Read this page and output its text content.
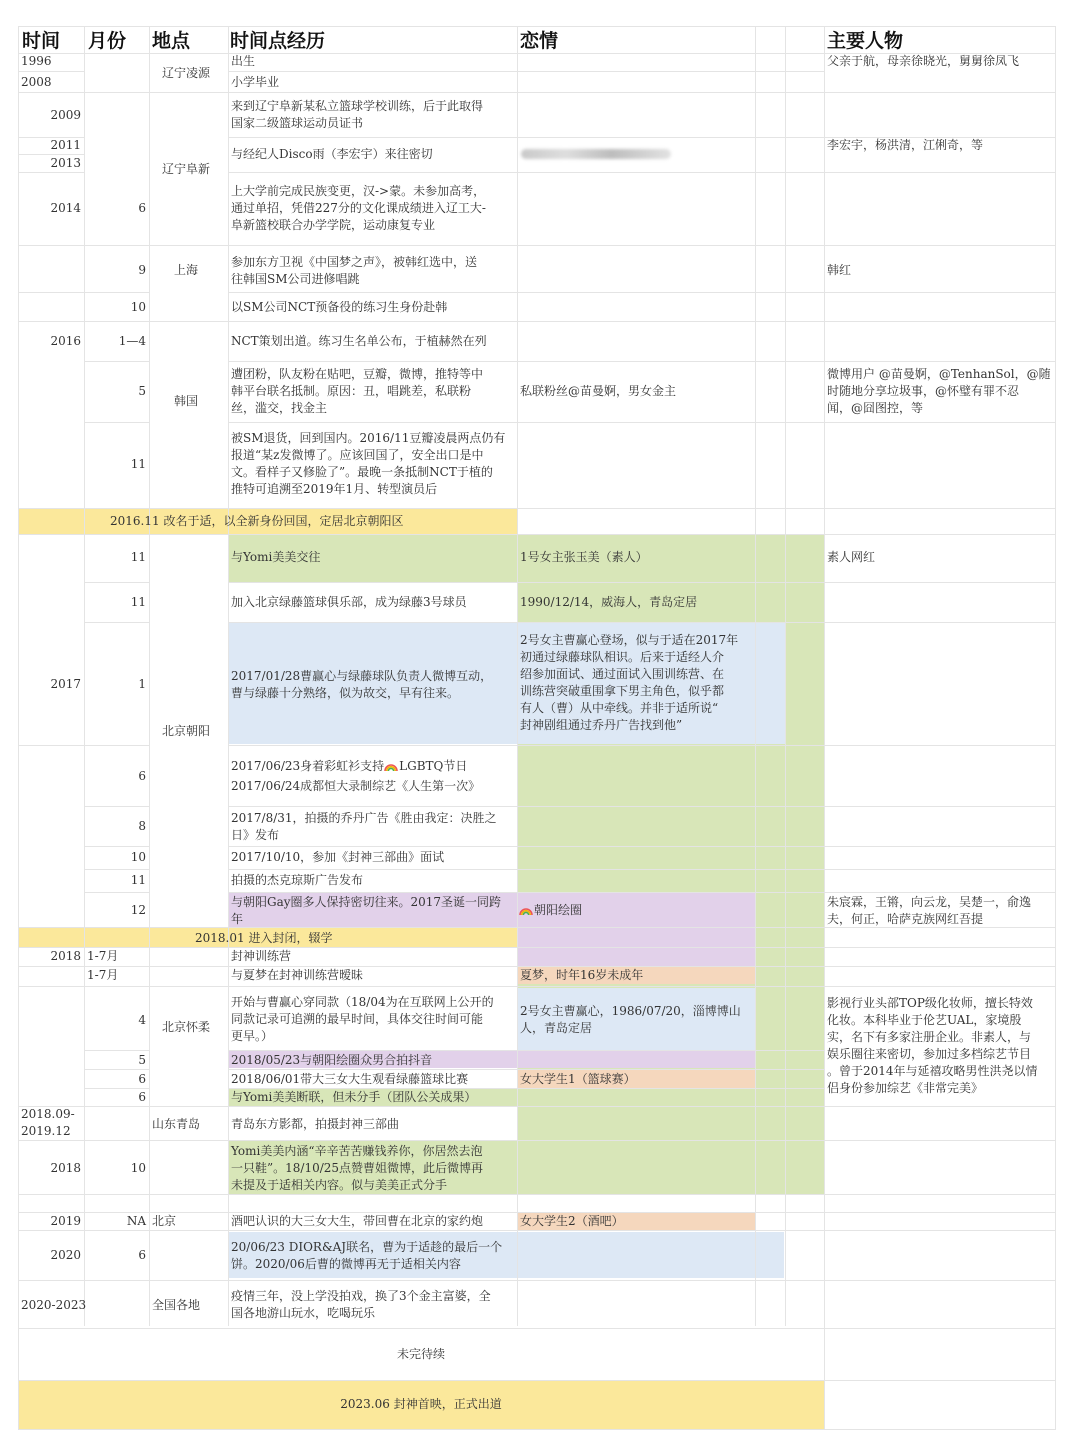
时间 月份 地点 时间点经历	恋情	主要人物
辽宁凌源
辽宁阜新
上海
韩国
北京朝阳
北京怀柔
山东青岛
北京
全国各地
1996
2008
2009
2011
2013
2014
2016
2017
2018
2018.09-
2019.12
2018
2019
2020
2020-2023
6
9
10
1—4
5
11
11
11
1
6
8
10
11
12
1-7月
1-7月
4
5
6
6
10
NA
6
出生
小学毕业
来到辽宁阜新某私立篮球学校训练，后于此取得
国家二级篮球运动员证书
与经纪人Disco雨（李宏宇）来往密切
上大学前完成民族变更，汉->蒙。未参加高考，
通过单招，凭借227分的文化课成绩进入辽工大-
阜新篮校联合办学学院，运动康复专业
参加东方卫视《中国梦之声》，被韩红选中，送
往韩国SM公司进修唱跳
以SM公司NCT预备役的练习生身份赴韩
NCT策划出道。练习生名单公布，于植赫然在列
遭团粉，队友粉在贴吧，豆瓣，微博，推特等中
韩平台联名抵制。原因：丑，唱跳差，私联粉
丝，滥交，找金主
被SM退货，回到国内。2016/11豆瓣凌晨两点仍有
报道“某z发微博了。应该回国了，安全出口是中
文。看样子又修脸了”。最晚一条抵制NCT于植的
推特可追溯至2019年1月、转型演员后
2016.11 改名于适，以全新身份回国，定居北京朝阳区
与Yomi美美交往
加入北京绿藤篮球俱乐部，成为绿藤3号球员
2017/01/28曹赢心与绿藤球队负责人微博互动，
曹与绿藤十分熟络，似为故交，早有往来。
2017/06/23身着彩虹衫支持 LGBTQ节日
2017/06/24成都恒大录制综艺《人生第一次》
2017/8/31，拍摄的乔丹广告《胜由我定：决胜之
日》发布
2017/10/10，参加《封神三部曲》面试
拍摄的杰克琼斯广告发布
与朝阳Gay圈多人保持密切往来。2017圣诞一同跨
年
2018.01 进入封闭，辍学
封神训练营
与夏梦在封神训练营暧昧
开始与曹赢心穿同款（18/04为在互联网上公开的
同款记录可追溯的最早时间，具体交往时间可能
更早。）
2018/05/23与朝阳绘圈众男合拍抖音
2018/06/01带大三女大生观看绿藤篮球比赛
与Yomi美美断联，但未分手（团队公关成果）
青岛东方影都，拍摄封神三部曲
Yomi美美内涵“辛辛苦苦赚钱养你，你居然去泡
一只鞋”。18/10/25点赞曹姐微博，此后微博再
未提及于适相关内容。似与美美正式分手
酒吧认识的大三女大生，带回曹在北京的家约炮
20/06/23 DIOR&AJ联名，曹为于适趁的最后一个
饼。2020/06后曹的微博再无于适相关内容
疫情三年，没上学没拍戏，换了3个金主富婆，全
国各地游山玩水，吃喝玩乐
未完待续
2023.06 封神首映，正式出道
私联粉丝@苗曼婀，男女金主
1号女主张玉美（素人）
1990/12/14，威海人，青岛定居
2号女主曹赢心登场，似与于适在2017年
初通过绿藤球队相识。后来于适经人介
绍参加面试、通过面试入围训练营、在
训练营突破重围拿下男主角色，似乎都
有人（曹）从中牵线。并非于适所说“
封神剧组通过乔丹广告找到他”
朝阳绘圈
夏梦，时年16岁未成年
2号女主曹赢心，1986/07/20，淄博博山
人，青岛定居
女大学生1（篮球赛）
女大学生2（酒吧）
父亲于航，母亲徐晓光，舅舅徐凤飞
李宏宇，杨洪清，江俐奇，等
韩红
微博用户 @苗曼婀，@TenhanSol，@随
时随地分享垃圾事，@怀璧有罪不忍
闻，@囧图控，等
素人网红
朱宸霖，王锵，向云龙，吴楚一，俞逸
夫，何正，哈萨克族网红吾提
影视行业头部TOP级化妆师，擅长特效
化妆。本科毕业于伦艺UAL，家境殷
实，名下有多家注册企业。非素人，与
娱乐圈往来密切，参加过多档综艺节目
。曾于2014年与延禧攻略男性洪尧以情
侣身份参加综艺《非常完美》
